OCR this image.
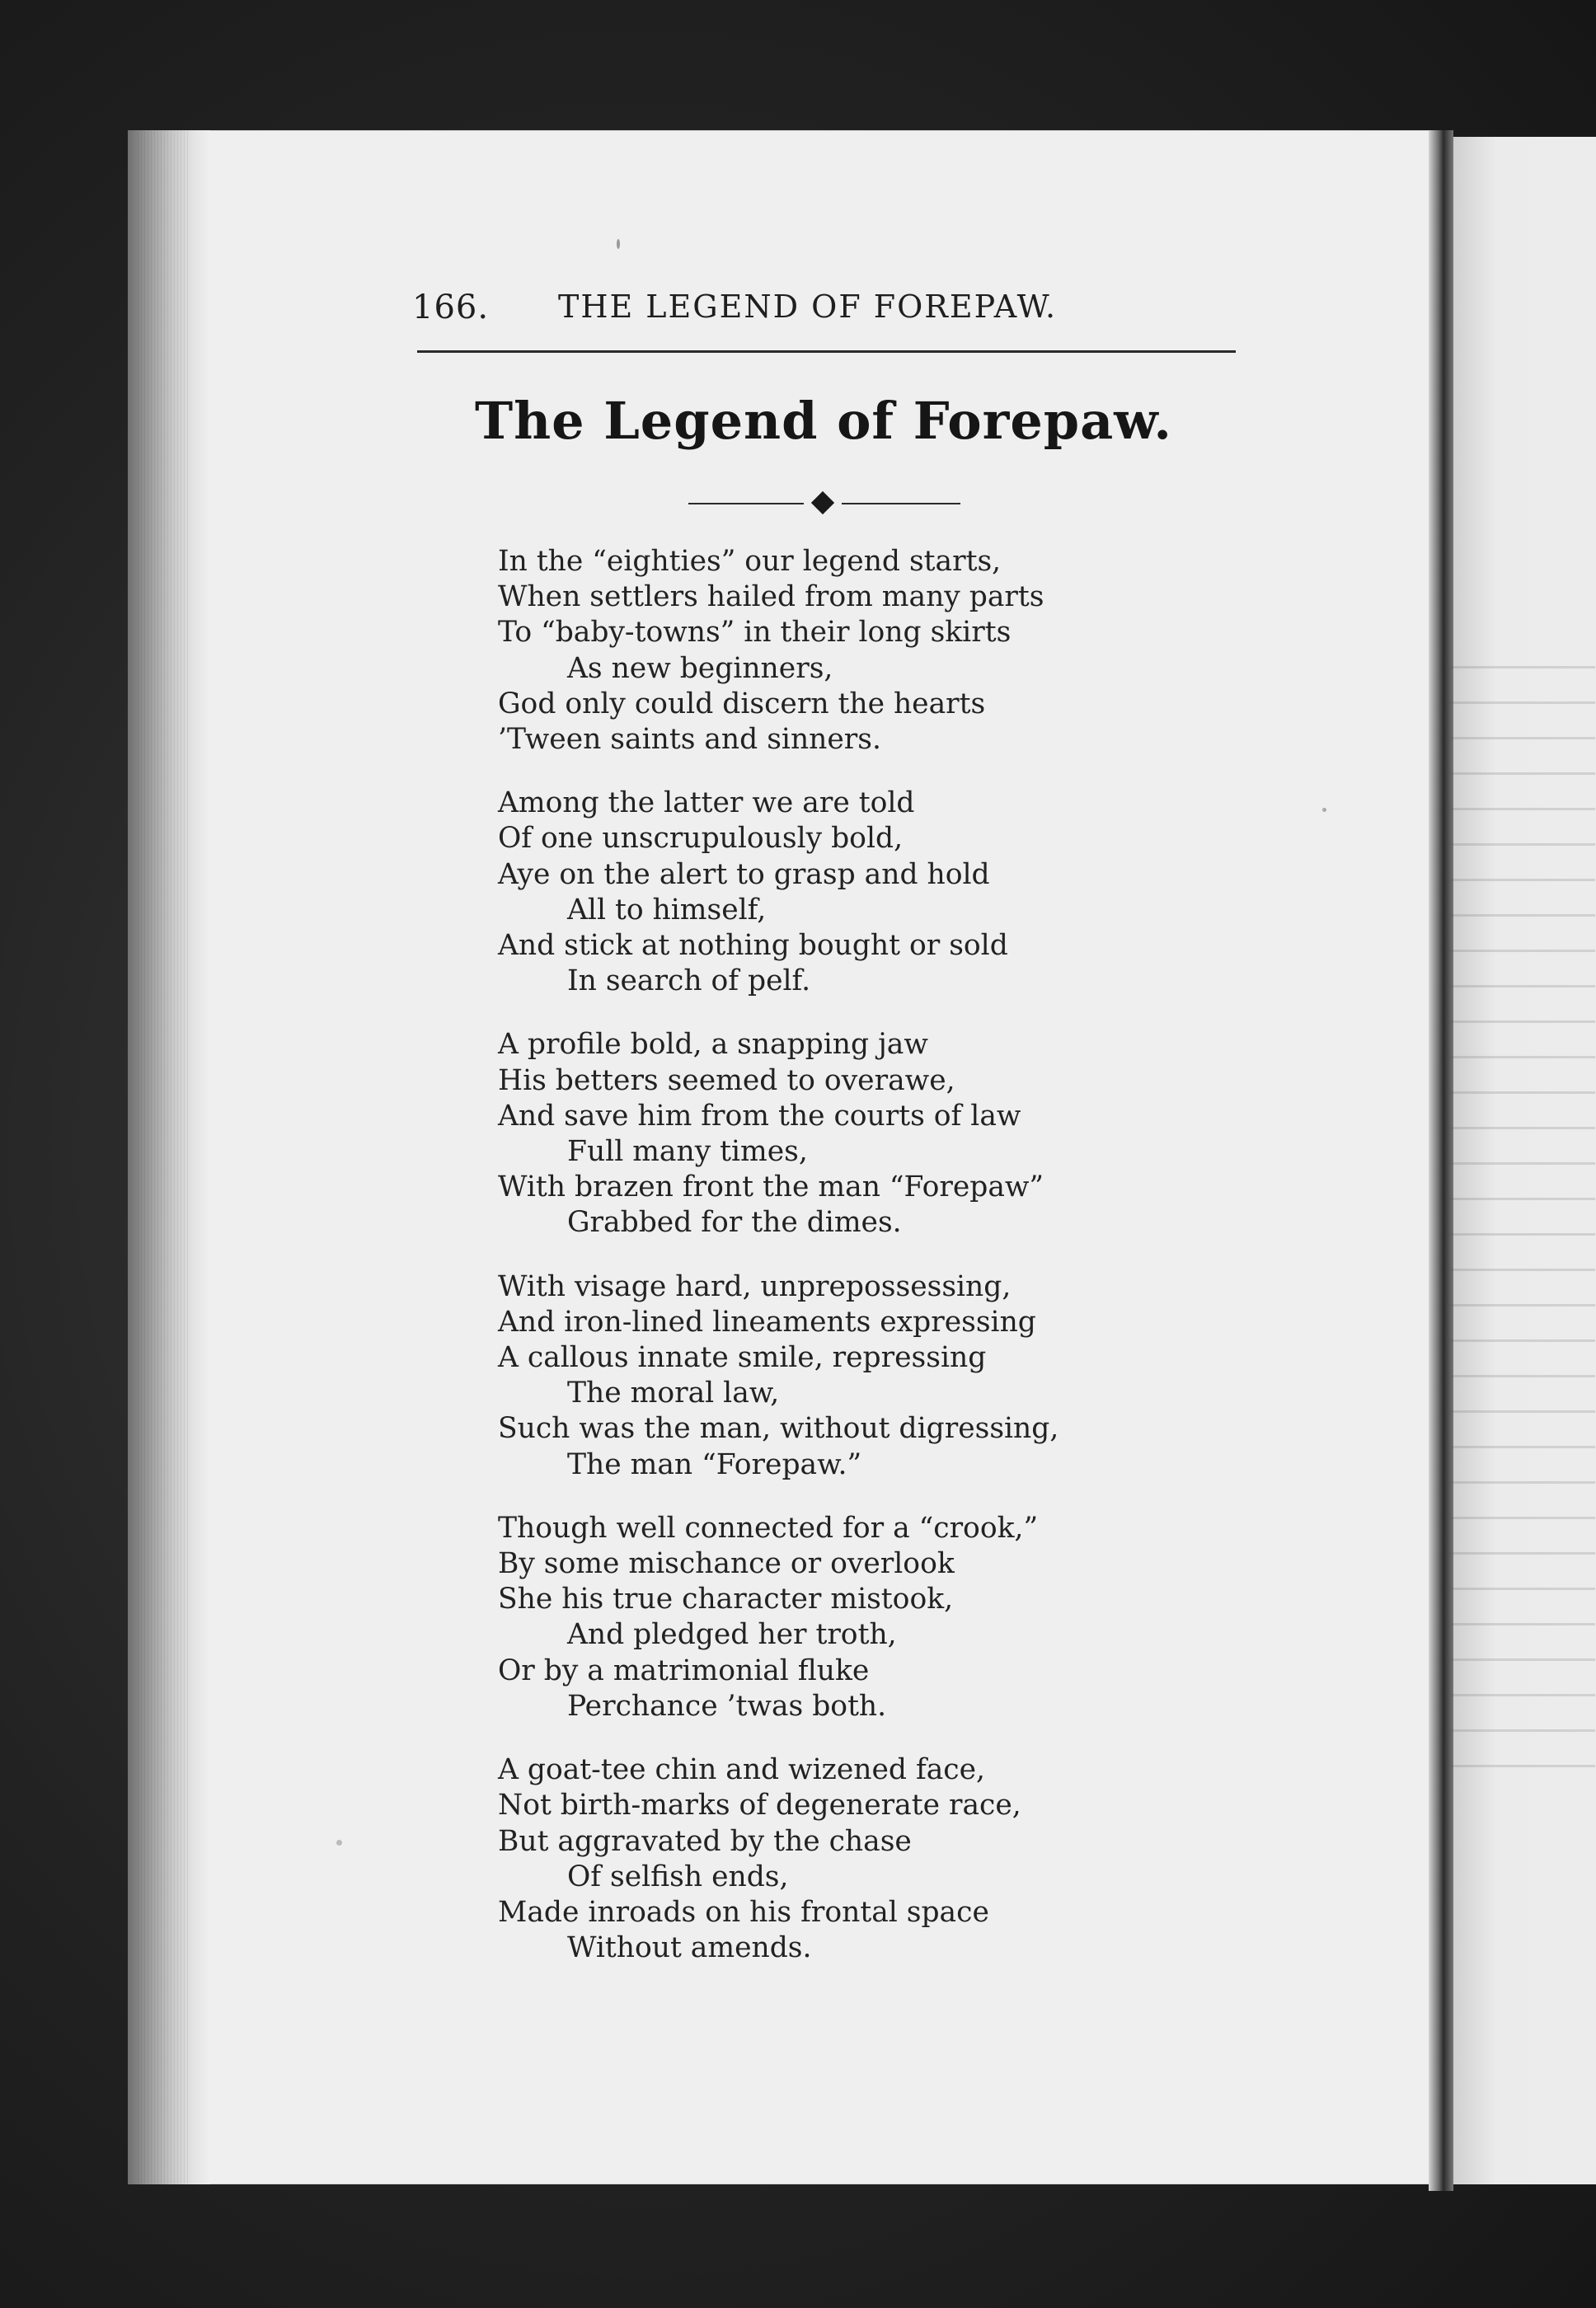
166. THE LEGEND OF FOREPAW.
The Legend of Forepaw.
In the “eighties” our legend starts,
When settlers hailed from many parts
To “baby-towns” in their long skirts
As new beginners,
God only could discern the hearts
’Tween saints and sinners.
Among the latter we are told
Of one unscrupulously bold,
Aye on the alert to grasp and hold
All to himself,
And stick at nothing bought or sold
In search of pelf.
A profile bold, a snapping jaw
His betters seemed to overawe,
And save him from the courts of law
Full many times,
With brazen front the man “Forepaw”
Grabbed for the dimes.
With visage hard, unprepossessing,
And iron-lined lineaments expressing
A callous innate smile, repressing
The moral law,
Such was the man, without digressing,
The man “Forepaw.”
Though well connected for a “crook,”
By some mischance or overlook
She his true character mistook,
And pledged her troth,
Or by a matrimonial fluke
Perchance ’twas both.
A goat-tee chin and wizened face,
Not birth-marks of degenerate race,
But aggravated by the chase
Of selfish ends,
Made inroads on his frontal space
Without amends.
